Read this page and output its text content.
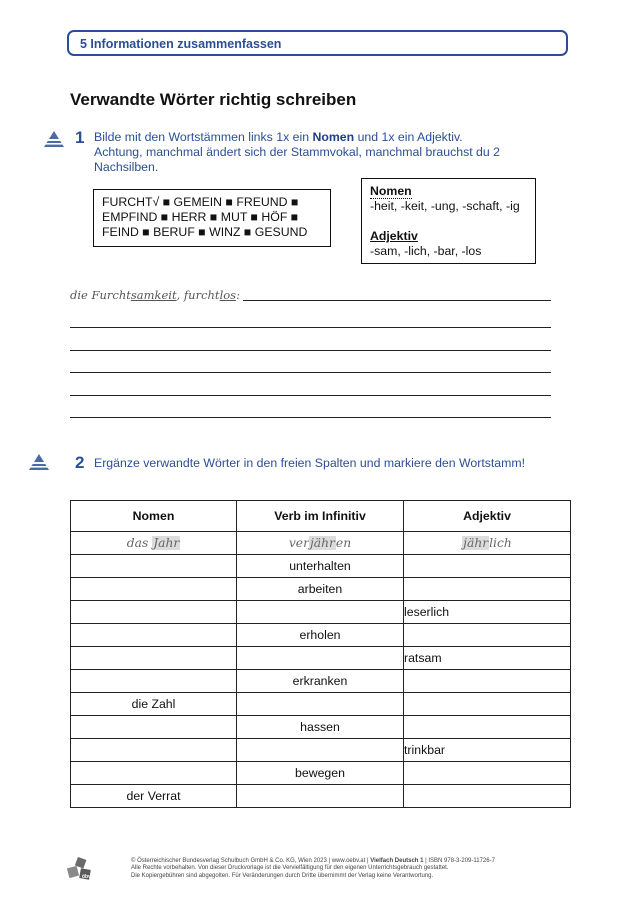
5 Informationen zusammenfassen
Verwandte Wörter richtig schreiben
1 Bilde mit den Wortstämmen links 1x ein Nomen und 1x ein Adjektiv.
Achtung, manchmal ändert sich der Stammvokal, manchmal brauchst du 2
Nachsilben.
FURCHT√ ■ GEMEIN ■ FREUND ■
EMPFIND ■ HERR ■ MUT ■ HÖF ■
FEIND ■ BERUF ■ WINZ ■ GESUND
Nomen
-heit, -keit, -ung, -schaft, -ig
Adjektiv
-sam, -lich, -bar, -los
die Furchtsamkeit, furchtlos:
2 Ergänze verwandte Wörter in den freien Spalten und markiere den Wortstamm!
Nomen	Verb im Infinitiv	Adjektiv
das Jahr	verjähren	jährlich
	unterhalten	
	arbeiten	
		leserlich
	erholen	
		ratsam
	erkranken	
die Zahl		
	hassen	
		trinkbar
	bewegen	
der Verrat		
öbv
© Österreichischer Bundesverlag Schulbuch GmbH & Co. KG, Wien 2023 | www.oebv.at | Vielfach Deutsch 1 | ISBN 978-3-209-11726-7
Alle Rechte vorbehalten. Von dieser Druckvorlage ist die Vervielfältigung für den eigenen Unterrichtsgebrauch gestattet.
Die Kopiergebühren sind abgegolten. Für Veränderungen durch Dritte übernimmt der Verlag keine Verantwortung.
